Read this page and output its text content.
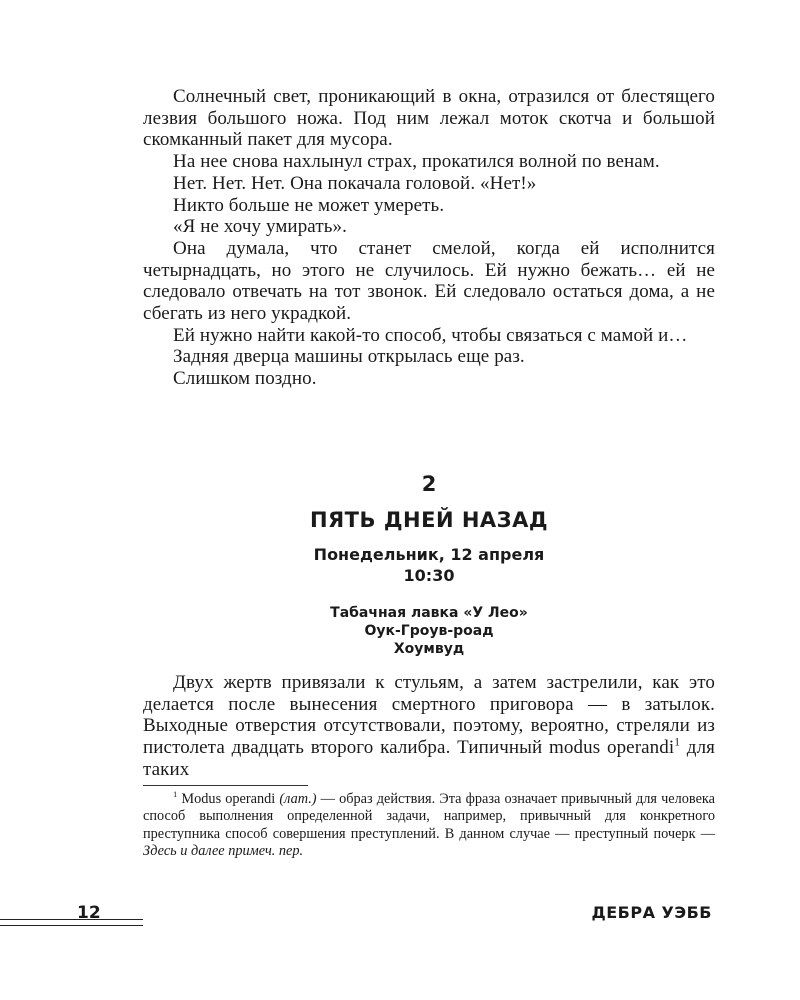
Солнечный свет, проникающий в окна, отразился от блестящего лезвия большого ножа. Под ним лежал моток скотча и большой скомканный пакет для мусора.

На нее снова нахлынул страх, прокатился волной по венам.

Нет. Нет. Нет. Она покачала головой. «Нет!»

Никто больше не может умереть.

«Я не хочу умирать».

Она думала, что станет смелой, когда ей исполнится четырнадцать, но этого не случилось. Ей нужно бежать… ей не следовало отвечать на тот звонок. Ей следовало остаться дома, а не сбегать из него украдкой.

Ей нужно найти какой-то способ, чтобы связаться с мамой и…

Задняя дверца машины открылась еще раз.

Слишком поздно.

2
ПЯТЬ ДНЕЙ НАЗАД
Понедельник, 12 апреля
10:30
Табачная лавка «У Лео»
Оук-Гроув-роад
Хоумвуд

Двух жертв привязали к стульям, а затем застрелили, как это делается после вынесения смертного приговора — в затылок. Выходные отверстия отсутствовали, поэтому, вероятно, стреляли из пистолета двадцать второго калибра. Типичный modus operandi$^1$ для таких

$^1$ Modus operandi (лат.) — образ действия. Эта фраза означает привычный для человека способ выполнения определенной задачи, например, привычный для конкретного преступника способ совершения преступлений. В данном случае — преступный почерк — Здесь и далее примеч. пер.

12	ДЕБРА УЭББ
